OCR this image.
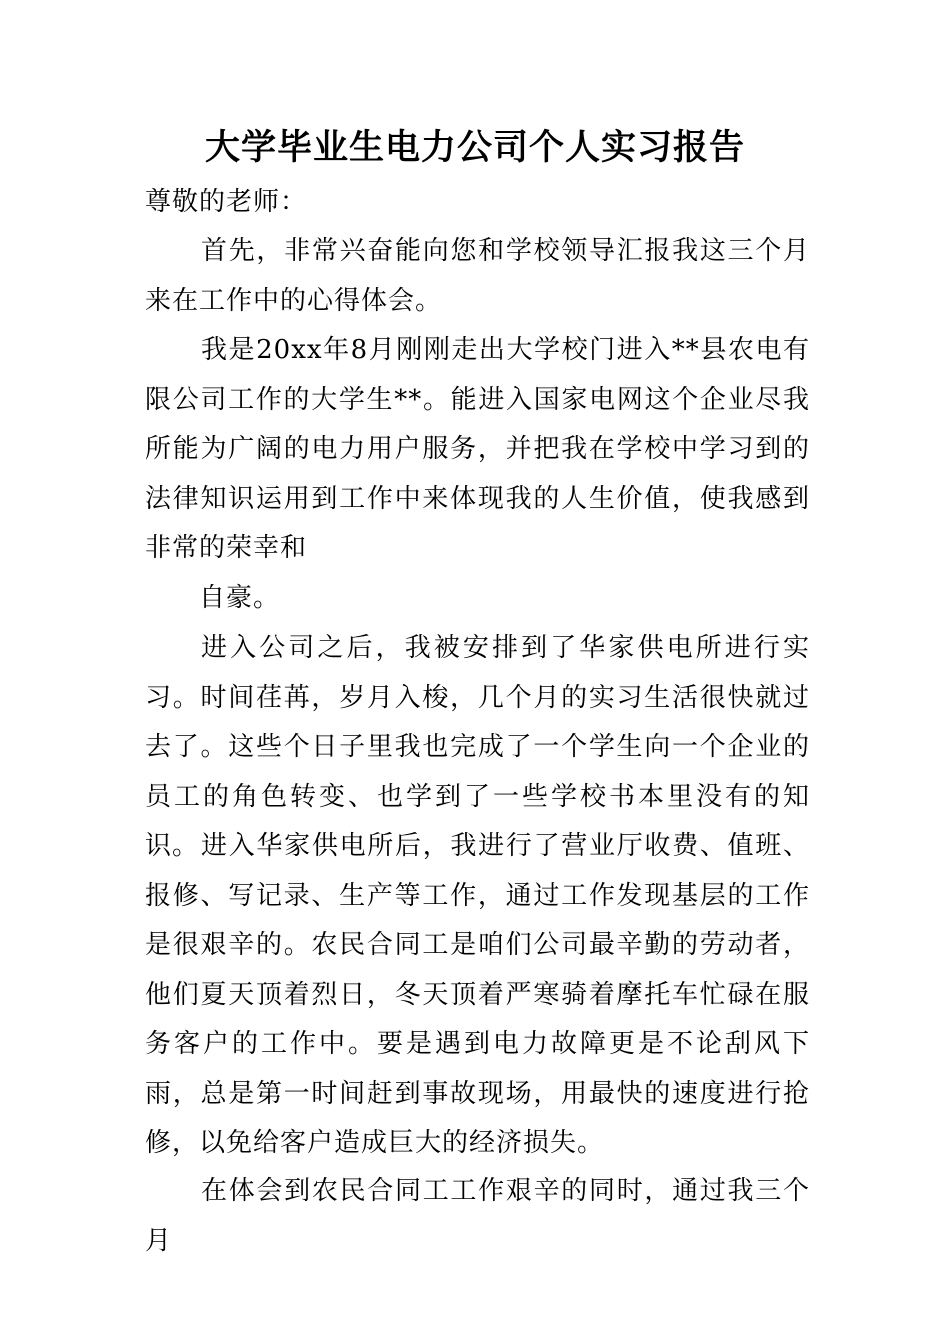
大学毕业生电力公司个人实习报告

尊敬的老师：

首先，非常兴奋能向您和学校领导汇报我这三个月来在工作中的心得体会。

我是20xx年8月刚刚走出大学校门进入**县农电有限公司工作的大学生**。能进入国家电网这个企业尽我所能为广阔的电力用户服务，并把我在学校中学习到的法律知识运用到工作中来体现我的人生价值，使我感到非常的荣幸和

自豪。

进入公司之后，我被安排到了华家供电所进行实习。时间荏苒，岁月入梭，几个月的实习生活很快就过去了。这些个日子里我也完成了一个学生向一个企业的员工的角色转变、也学到了一些学校书本里没有的知识。 进入华家供电所后，我进行了营业厅收费、值班、报修、写记录、生产等工作，通过工作发现基层的工作是很艰辛的。农民合同工是咱们公司最辛勤的劳动者，他们夏天顶着烈日，冬天顶着严寒骑着摩托车忙碌在服务客户的工作中。要是遇到电力故障更是不论刮风下雨，总是第一时间赶到事故现场，用最快的速度进行抢修，以免给客户造成巨大的经济损失。

在体会到农民合同工工作艰辛的同时，通过我三个月
